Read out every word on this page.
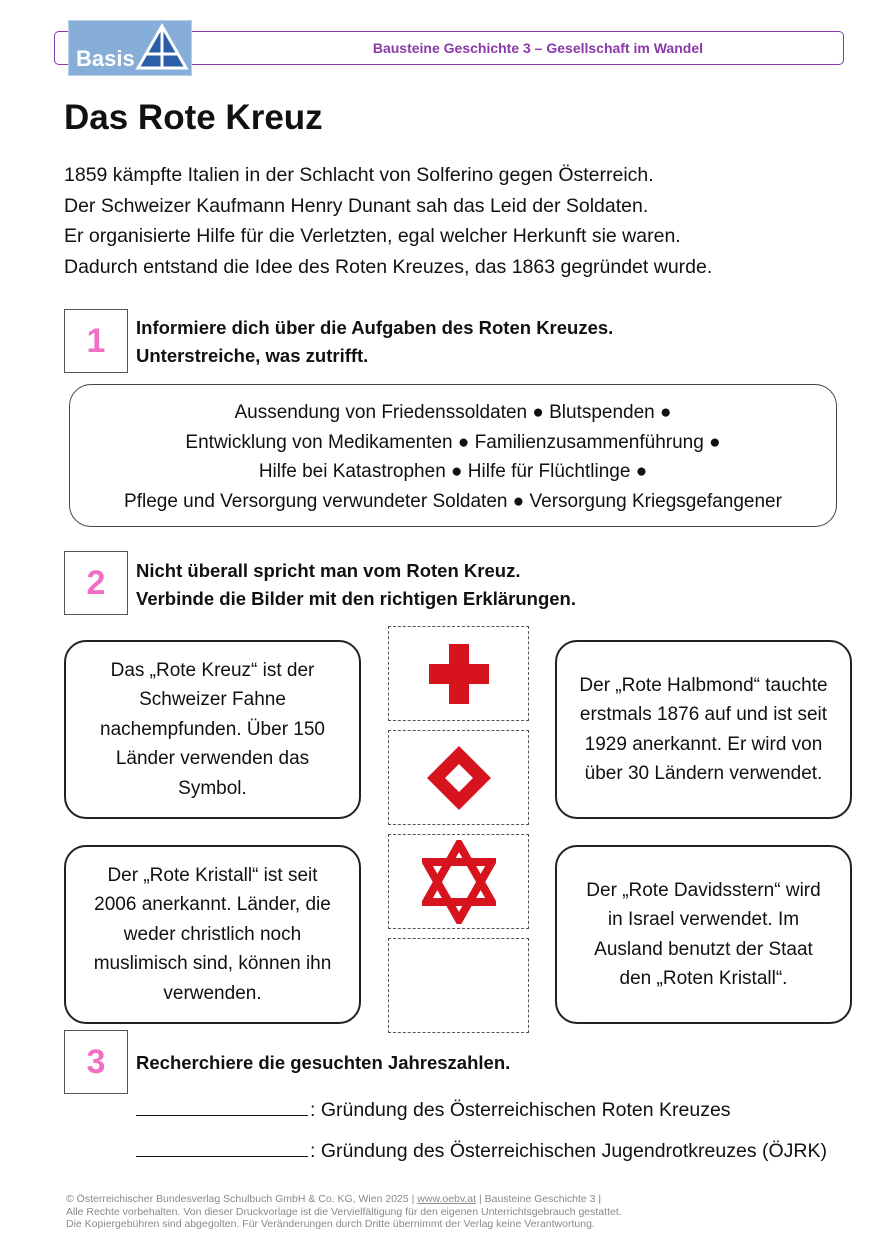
Bausteine Geschichte 3 – Gesellschaft im Wandel
Basis
Das Rote Kreuz
1859 kämpfte Italien in der Schlacht von Solferino gegen Österreich.
Der Schweizer Kaufmann Henry Dunant sah das Leid der Soldaten.
Er organisierte Hilfe für die Verletzten, egal welcher Herkunft sie waren.
Dadurch entstand die Idee des Roten Kreuzes, das 1863 gegründet wurde.
1	Informiere dich über die Aufgaben des Roten Kreuzes.
Unterstreiche, was zutrifft.
Aussendung von Friedenssoldaten ● Blutspenden ●
Entwicklung von Medikamenten ● Familienzusammenführung ●
Hilfe bei Katastrophen ● Hilfe für Flüchtlinge ●
Pflege und Versorgung verwundeter Soldaten ● Versorgung Kriegsgefangener
2	Nicht überall spricht man vom Roten Kreuz.
Verbinde die Bilder mit den richtigen Erklärungen.
Das „Rote Kreuz“ ist der
Schweizer Fahne
nachempfunden. Über 150
Länder verwenden das
Symbol.
Der „Rote Halbmond“ tauchte
erstmals 1876 auf und ist seit
1929 anerkannt. Er wird von
über 30 Ländern verwendet.
Der „Rote Kristall“ ist seit
2006 anerkannt. Länder, die
weder christlich noch
muslimisch sind, können ihn
verwenden.
Der „Rote Davidsstern“ wird
in Israel verwendet. Im
Ausland benutzt der Staat
den „Roten Kristall“.
3	Recherchiere die gesuchten Jahreszahlen.
: Gründung des Österreichischen Roten Kreuzes
: Gründung des Österreichischen Jugendrotkreuzes (ÖJRK)
© Österreichischer Bundesverlag Schulbuch GmbH & Co. KG, Wien 2025 | www.oebv.at | Bausteine Geschichte 3 |
Alle Rechte vorbehalten. Von dieser Druckvorlage ist die Vervielfältigung für den eigenen Unterrichtsgebrauch gestattet.
Die Kopiergebühren sind abgegolten. Für Veränderungen durch Dritte übernimmt der Verlag keine Verantwortung.
